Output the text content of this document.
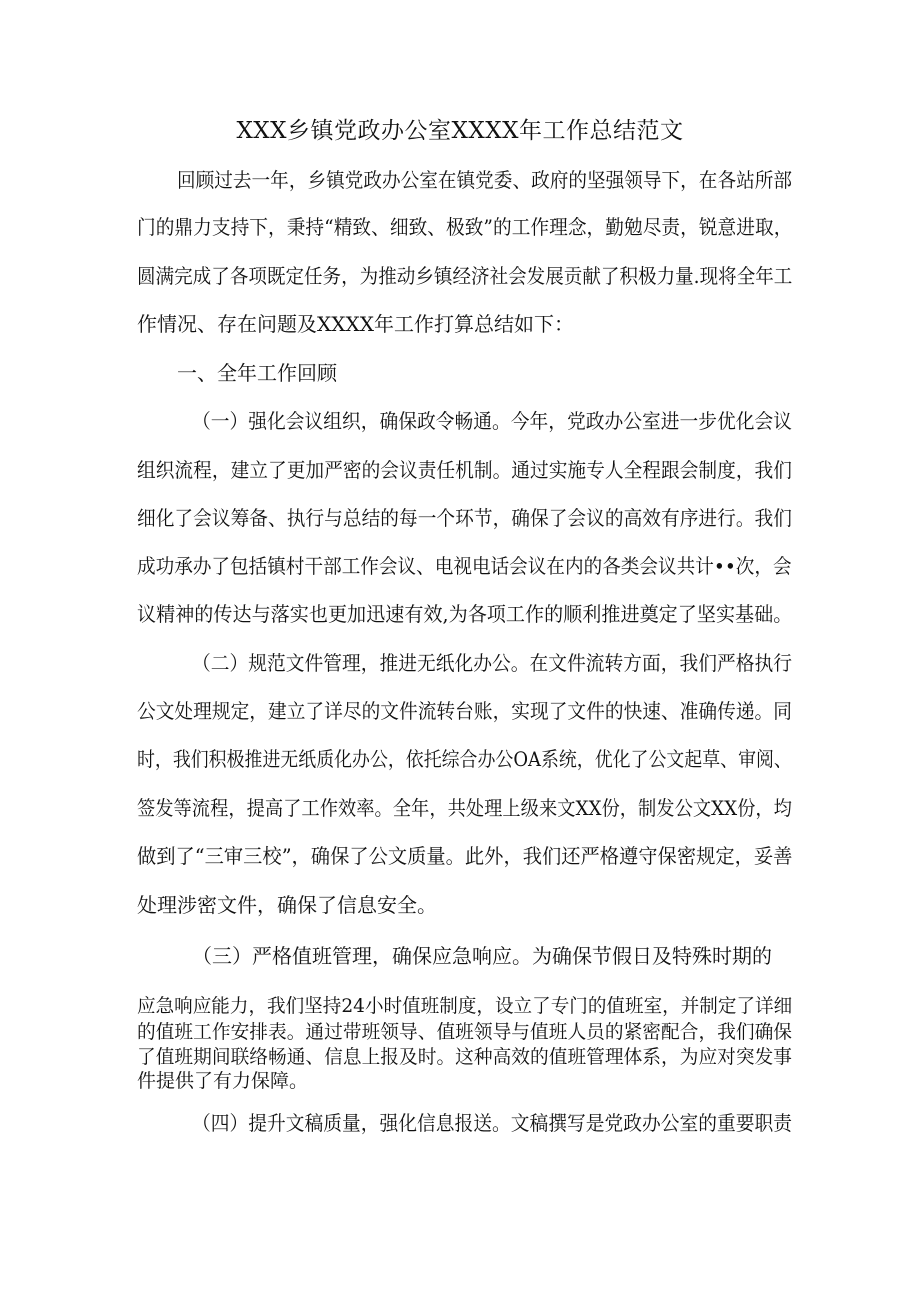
XXX乡镇党政办公室XXXX年工作总结范文
回顾过去一年，乡镇党政办公室在镇党委、政府的坚强领导下，在各站所部
门的鼎力支持下，秉持“精致、细致、极致”的工作理念，勤勉尽责，锐意进取，
圆满完成了各项既定任务，为推动乡镇经济社会发展贡献了积极力量.现将全年工
作情况、存在问题及XXXX年工作打算总结如下：
一、全年工作回顾
（一）强化会议组织，确保政令畅通。今年，党政办公室进一步优化会议
组织流程，建立了更加严密的会议责任机制。通过实施专人全程跟会制度，我们
细化了会议筹备、执行与总结的每一个环节，确保了会议的高效有序进行。我们
成功承办了包括镇村干部工作会议、电视电话会议在内的各类会议共计••次，会
议精神的传达与落实也更加迅速有效,为各项工作的顺利推进奠定了坚实基础。
（二）规范文件管理，推进无纸化办公。在文件流转方面，我们严格执行
公文处理规定，建立了详尽的文件流转台账，实现了文件的快速、准确传递。同
时，我们积极推进无纸质化办公，依托综合办公OA系统，优化了公文起草、审阅、
签发等流程，提高了工作效率。全年，共处理上级来文XX份，制发公文XX份，均
做到了“三审三校”，确保了公文质量。此外，我们还严格遵守保密规定，妥善
处理涉密文件，确保了信息安全。
（三）严格值班管理，确保应急响应。为确保节假日及特殊时期的
应急响应能力，我们坚持24小时值班制度，设立了专门的值班室，并制定了详细
的值班工作安排表。通过带班领导、值班领导与值班人员的紧密配合，我们确保
了值班期间联络畅通、信息上报及时。这种高效的值班管理体系，为应对突发事
件提供了有力保障。
（四）提升文稿质量，强化信息报送。文稿撰写是党政办公室的重要职责
